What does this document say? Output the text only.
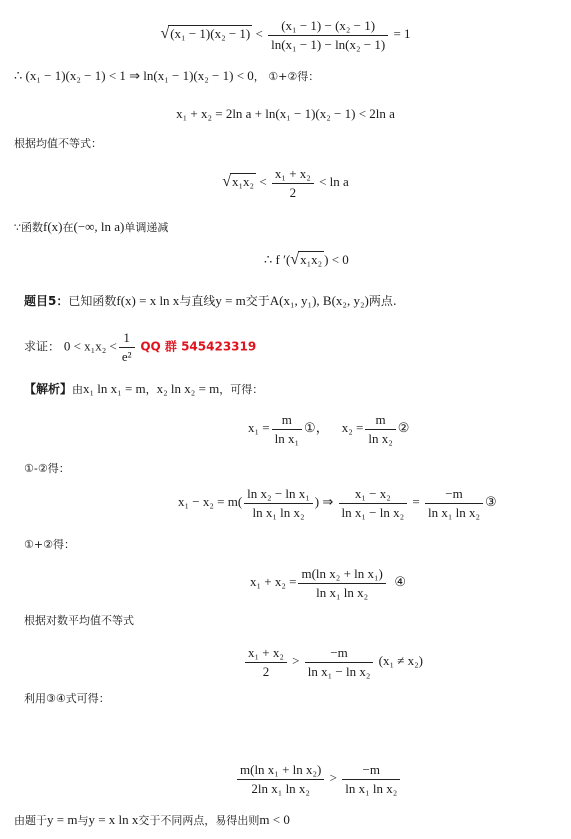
$√(x_1 - 1)(x_2 - 1) < \frac{\text{(x₁ − 1) − (x₂ − 1)}}{\text{ln(x₁ − 1) − ln(x₂ − 1)}} = 1$
∴ (x₁ − 1)(x₂ − 1) < 1 ⇒ ln(x₁ − 1)(x₂ − 1) < 0， ①+②得：
x₁ + x₂ = 2ln a + ln(x₁ − 1)(x₂ − 1) < 2ln a
根据均值不等式：
$√x_1x_2 < \frac{\text{x₁ + x₂}}{2} < \ln a$
∵函数f(x)在(−∞, ln a)单调递减
∴ f ′(√x₁x₂ ) < 0
题目5：已知函数f(x) = x ln x与直线y = m交于A(x₁, y₁), B(x₂, y₂)两点.
求证： $0 < x_1x_2 < \frac{1}{\text{e²}}$ QQ 群 545423319
【解析】由x₁ ln x₁ = m，x₂ ln x₂ = m，可得：
$x_1 = \frac{m}{\text{ln x₁}}$ ①， $x_2 = \frac{m}{\text{ln x₂}}$ ②
①-②得：
$x_1 - x_2 = m( \frac{\text{ln x₂ − ln x₁}}{\text{ln x₁ ln x₂}}$ ) ⇒ $\frac{\text{x₁ − x₂}}{\text{ln x₁ − ln x₂}} = \frac{-m}{\text{ln x₁ ln x₂}}$ ③
①+②得：
$x_1 + x_2 = \frac{\text{m(ln x₂ + ln x₁)}}{\text{ln x₁ ln x₂}}$ ④
根据对数平均值不等式
$\frac{\text{x₁ + x₂}}{2} > \frac{-m}{\text{ln x₁ − ln x₂}} (x_1 \ne x_2)$
利用③④式可得：
$\frac{\text{m(ln x₁ + ln x₂)}}{\text{2ln x₁ ln x₂}} > \frac{-m}{\text{ln x₁ ln x₂}}$
由题于y = m与y = x ln x交于不同两点，易得出则m < 0
